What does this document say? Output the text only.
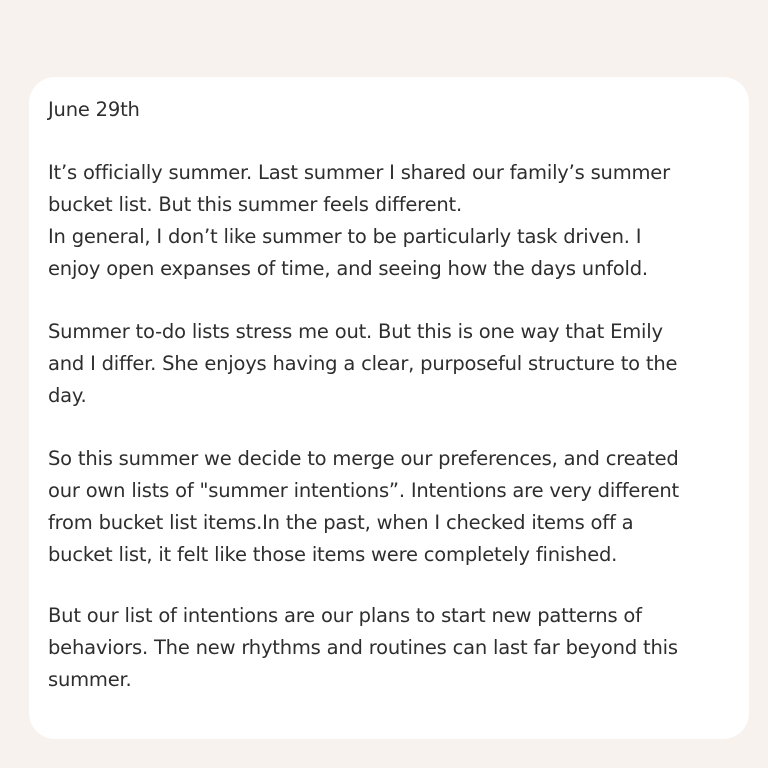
June 29th

It’s officially summer. Last summer I shared our family’s summer
bucket list. But this summer feels different.

In general, I don’t like summer to be particularly task driven. I
enjoy open expanses of time, and seeing how the days unfold.

Summer to-do lists stress me out. But this is one way that Emily
and I differ. She enjoys having a clear, purposeful structure to the
day.

So this summer we decide to merge our preferences, and created
our own lists of "summer intentions”. Intentions are very different
from bucket list items.In the past, when I checked items off a
bucket list, it felt like those items were completely finished.

But our list of intentions are our plans to start new patterns of
behaviors. The new rhythms and routines can last far beyond this
summer.
